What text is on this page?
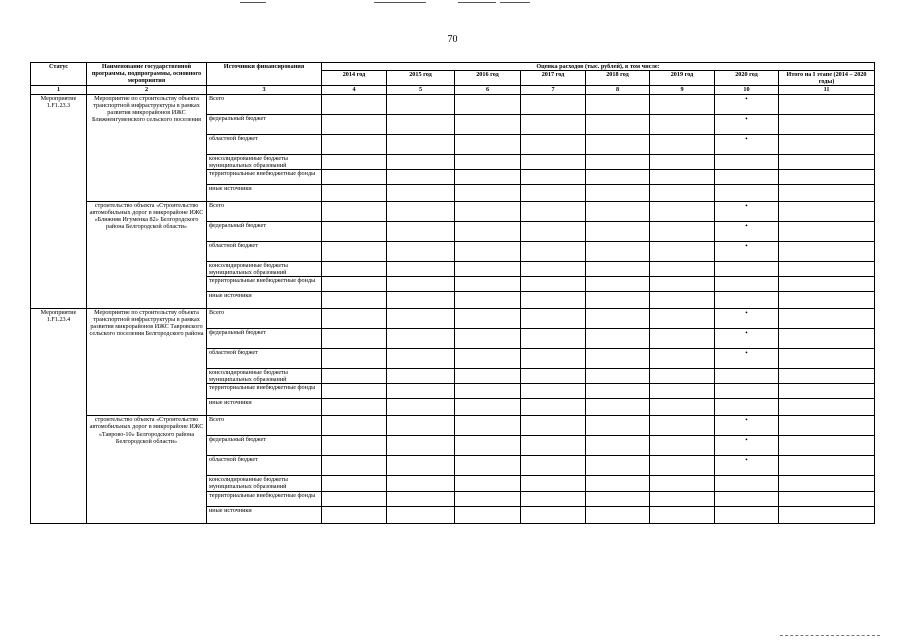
70
Статус	Наименование государственной программы, подпрограммы, основного мероприятия	Источники финансирования	Оценка расходов (тыс. рублей), в том числе:							
			2014 год	2015 год	2016 год	2017 год	2018 год	2019 год	2020 год	Итого на I этапе (2014 – 2020 годы)
1	2	3	4	5	6	7	8	9	10	11
Мероприятие 1.F1.23.3	Мероприятие по строительству объекта транспортной инфраструктуры в рамках развития микрорайонов ИЖС Ближнеигуменского сельского поселения	Всего							•	
		федеральный бюджет							•	
		областной бюджет							•	
		консолидированные бюджеты муниципальных образований								
		территориальные внебюджетные фонды								
		иные источники								
	строительство объекта «Строительство автомобильных дорог в микрорайоне ИЖС «Ближняя Игуменка 82» Белгородского района Белгородской области»	Всего							•	
		федеральный бюджет							•	
		областной бюджет							•	
		консолидированные бюджеты муниципальных образований								
		территориальные внебюджетные фонды								
		иные источники								
Мероприятие 1.F1.23.4	Мероприятие по строительству объекта транспортной инфраструктуры в рамках развития микрорайонов ИЖС Тавровского сельского поселения Белгородского района	Всего							•	
		федеральный бюджет							•	
		областной бюджет							•	
		консолидированные бюджеты муниципальных образований								
		территориальные внебюджетные фонды								
		иные источники								
	строительство объекта «Строительство автомобильных дорог в микрорайоне ИЖС «Таврово-10» Белгородского района Белгородской области»	Всего							•	
		федеральный бюджет							•	
		областной бюджет							•	
		консолидированные бюджеты муниципальных образований								
		территориальные внебюджетные фонды								
		иные источники								
